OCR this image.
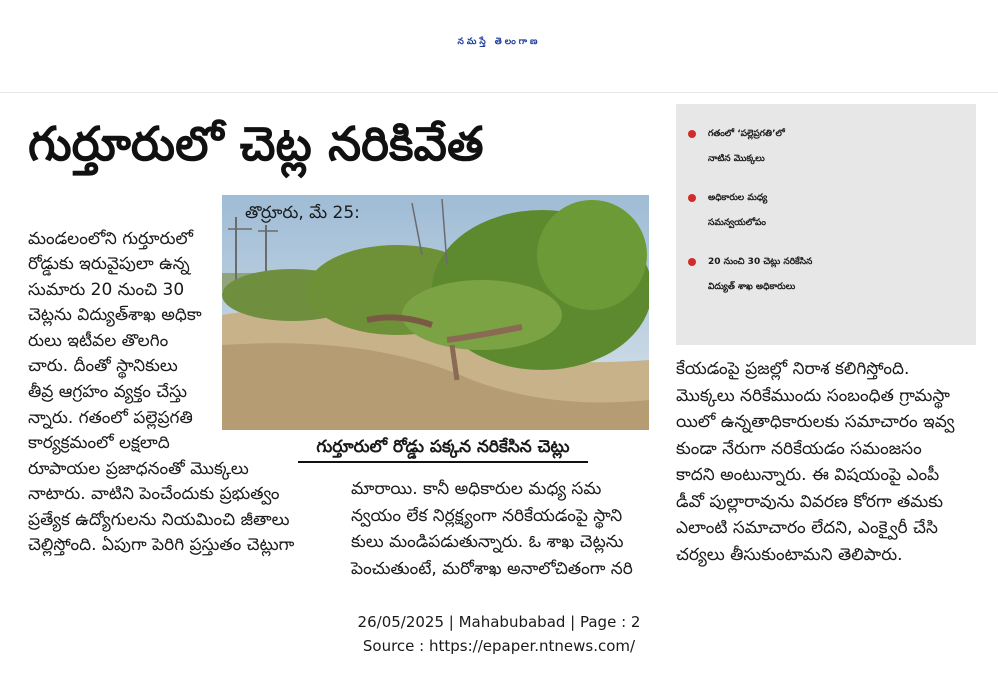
నమస్తే తెలంగాణ
గుర్తూరులో చెట్ల నరికివేత	గతంలో ‘పల్లెప్రగతి’లో
నాటిన మొక్కలు
అధికారుల మధ్య
సమన్వయలోపం
20 నుంచి 30 చెట్లు నరికేసిన
విద్యుత్ శాఖ అధికారులు
గుర్తూరులో రోడ్డు పక్కన నరికేసిన చెట్లు
తొర్రూరు, మే 25:
మండలంలోని గుర్తూరులో
రోడ్డుకు ఇరువైపులా ఉన్న
సుమారు 20 నుంచి 30
చెట్లను విద్యుత్‌శాఖ అధికా
రులు ఇటీవల తొలగిం
చారు. దీంతో స్థానికులు
తీవ్ర ఆగ్రహం వ్యక్తం చేస్తు
న్నారు. గతంలో పల్లెప్రగతి
కార్యక్రమంలో లక్షలాది
రూపాయల ప్రజాధనంతో మొక్కలు
నాటారు. వాటిని పెంచేందుకు ప్రభుత్వం
ప్రత్యేక ఉద్యోగులను నియమించి జీతాలు
చెల్లిస్తోంది. ఏపుగా పెరిగి ప్రస్తుతం చెట్లుగా
మారాయి. కానీ అధికారుల మధ్య సమ
న్వయం లేక నిర్లక్ష్యంగా నరికేయడంపై స్థాని
కులు మండిపడుతున్నారు. ఓ శాఖ చెట్లను
పెంచుతుంటే, మరోశాఖ అనాలోచితంగా నరి
కేయడంపై ప్రజల్లో నిరాశ కలిగిస్తోంది.
మొక్కలు నరికేముందు సంబంధిత గ్రామస్థా
యిలో ఉన్నతాధికారులకు సమాచారం ఇవ్వ
కుండా నేరుగా నరికేయడం సమంజసం
కాదని అంటున్నారు. ఈ విషయంపై ఎంపీ
డీవో పుల్లారావును వివరణ కోరగా తమకు
ఎలాంటి సమాచారం లేదని, ఎంక్వైరీ చేసి
చర్యలు తీసుకుంటామని తెలిపారు.
26/05/2025 | Mahabubabad | Page : 2
Source : https://epaper.ntnews.com/
